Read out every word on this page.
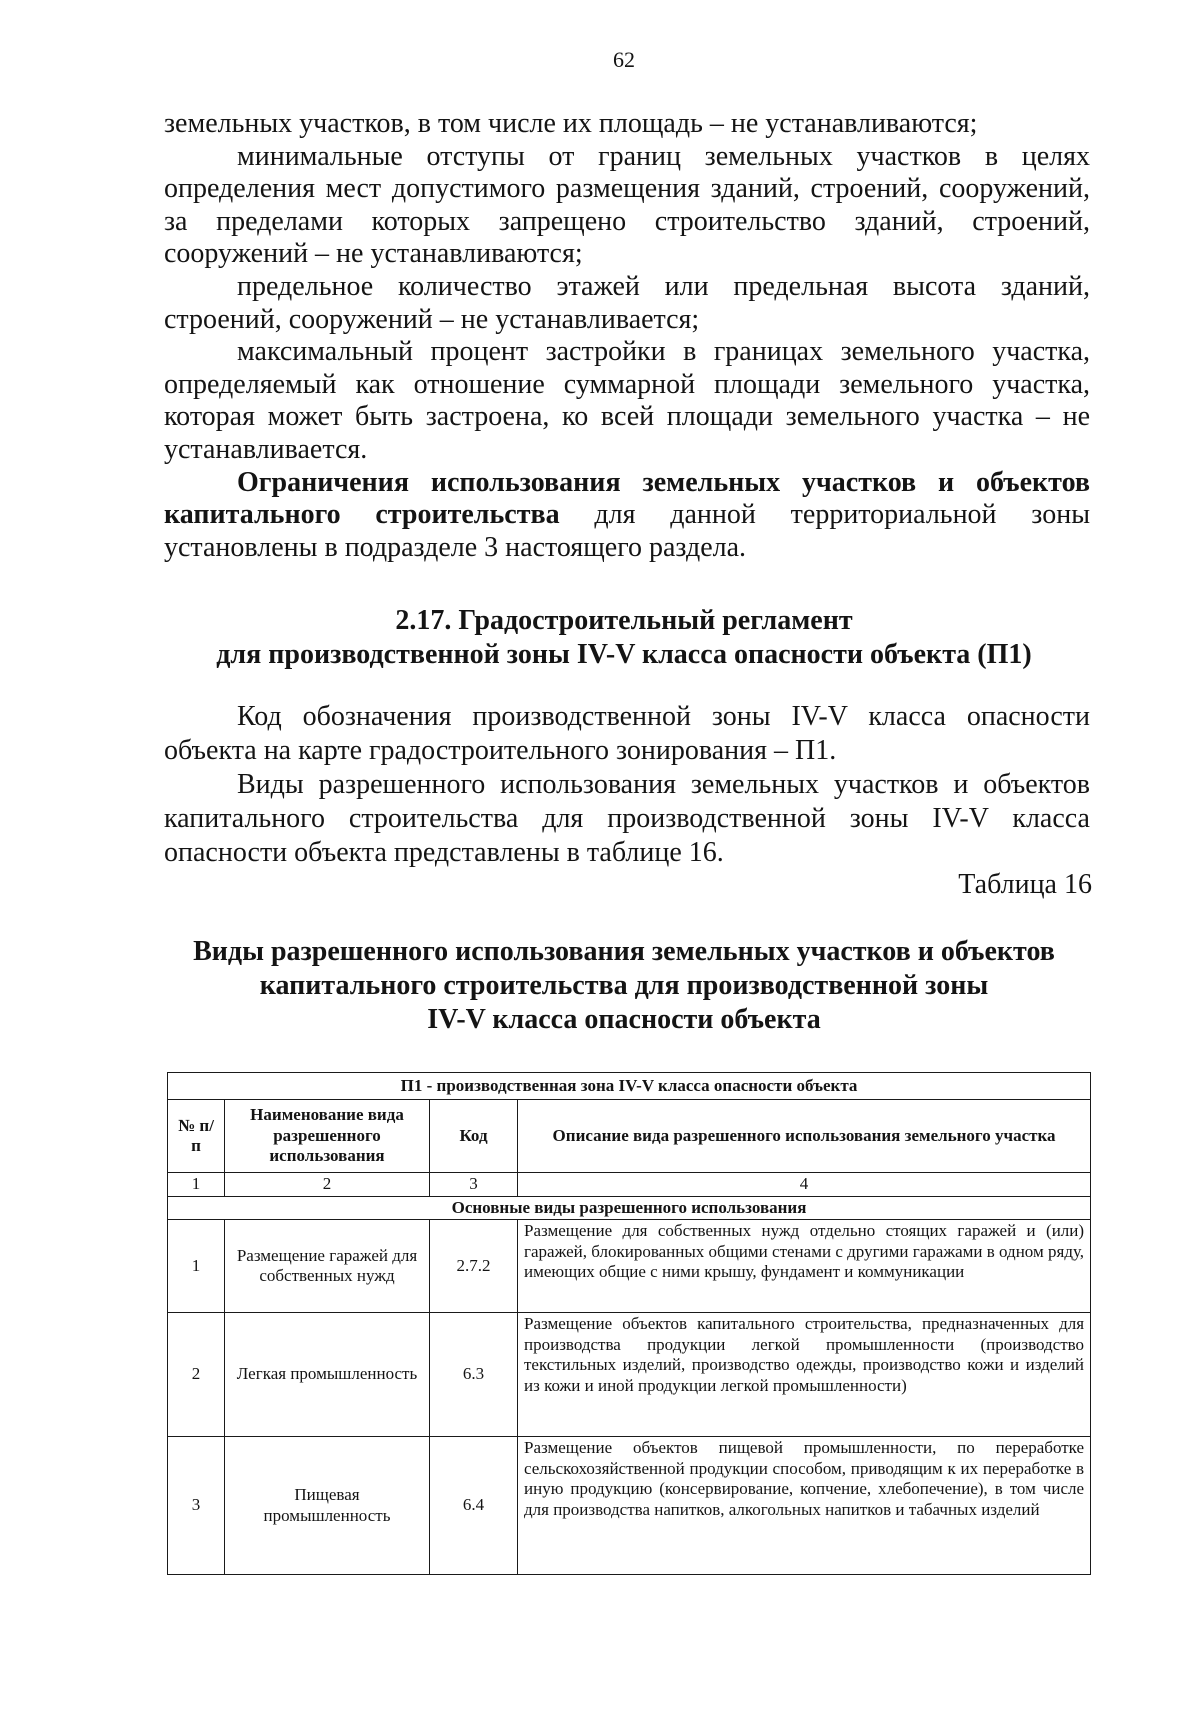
62

земельных участков, в том числе их площадь – не устанавливаются;

минимальные отступы от границ земельных участков в целях определения мест допустимого размещения зданий, строений, сооружений, за пределами которых запрещено строительство зданий, строений, сооружений – не устанавливаются;

предельное количество этажей или предельная высота зданий, строений, сооружений – не устанавливается;

максимальный процент застройки в границах земельного участка, определяемый как отношение суммарной площади земельного участка, которая может быть застроена, ко всей площади земельного участка – не устанавливается.

Ограничения использования земельных участков и объектов капитального строительства для данной территориальной зоны установлены в подразделе 3 настоящего раздела.

2.17. Градостроительный регламент
для производственной зоны IV-V класса опасности объекта (П1)

Код обозначения производственной зоны IV-V класса опасности объекта на карте градостроительного зонирования – П1.

Виды разрешенного использования земельных участков и объектов капитального строительства для производственной зоны IV-V класса опасности объекта представлены в таблице 16.

Таблица 16
Виды разрешенного использования земельных участков и объектов
капитального строительства для производственной зоны
IV-V класса опасности объекта
П1 - производственная зона IV-V класса опасности объекта			
№ п/п	Наименование вида разрешенного использования	Код	Описание вида разрешенного использования земельного участка
1	2	3	4
Основные виды разрешенного использования			
1	Размещение гаражей для собственных нужд	2.7.2	Размещение для собственных нужд отдельно стоящих гаражей и (или) гаражей, блокированных общими стенами с другими гаражами в одном ряду, имеющих общие с ними крышу, фундамент и коммуникации
2	Легкая промышленность	6.3	Размещение объектов капитального строительства, предназначенных для производства продукции легкой промышленности (производство текстильных изделий, производство одежды, производство кожи и изделий из кожи и иной продукции легкой промышленности)
3	Пищевая промышленность	6.4	Размещение объектов пищевой промышленности, по переработке сельскохозяйственной продукции способом, приводящим к их переработке в иную продукцию (консервирование, копчение, хлебопечение), в том числе для производства напитков, алкогольных напитков и табачных изделий
